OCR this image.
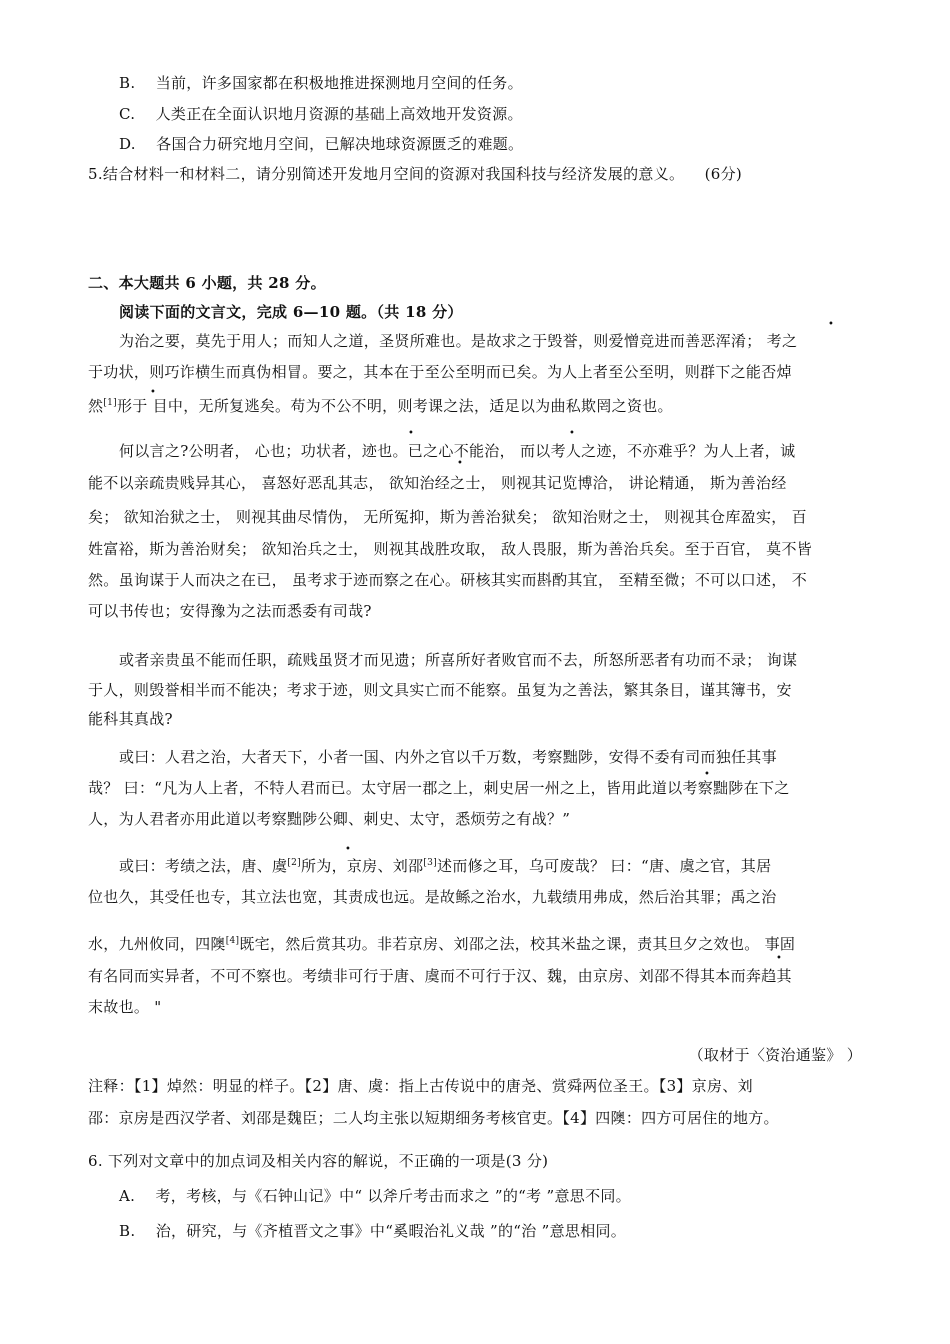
B. 当前，许多国家都在积极地推进探测地月空间的任务。
C. 人类正在全面认识地月资源的基础上高效地开发资源。
D. 各国合力研究地月空间，已解决地球资源匮乏的难题。
5.结合材料一和材料二，请分别简述开发地月空间的资源对我国科技与经济发展的意义。 (6分)
二、本大题共 6 小题，共 28 分。
阅读下面的文言文，完成 6—10 题。（共 18 分）
为治之要，莫先于用人；而知人之道，圣贤所难也。是故求之于毁誉，则爱憎竞进而善恶浑淆； 考之
•
于功状，则巧诈横生而真伪相冒。要之，其本在于至公至明而已矣。为人上者至公至明，则群下之能否焯
•
然[1]形于 目中，无所复逃矣。苟为不公不明，则考课之法，适足以为曲私欺罔之资也。
何以言之?公明者， 心也；功状者，迹也。已之心不能治， 而以考人之迹，不亦难乎？为人上者，诚
•	•
•
能不以亲疏贵贱异其心， 喜怒好恶乱其志， 欲知治经之士， 则视其记览博洽， 讲论精通， 斯为善治经
矣； 欲知治狱之士， 则视其曲尽情伪， 无所冤抑，斯为善治狱矣； 欲知治财之士， 则视其仓库盈实， 百
姓富裕，斯为善治财矣； 欲知治兵之士， 则视其战胜攻取， 敌人畏服，斯为善治兵矣。至于百官， 莫不皆
然。虽询谋于人而决之在已， 虽考求于迹而察之在心。研核其实而斟酌其宜， 至精至微；不可以口述， 不
可以书传也；安得豫为之法而悉委有司哉?
或者亲贵虽不能而任职，疏贱虽贤才而见遗；所喜所好者败官而不去，所怒所恶者有功而不录； 询谋
于人，则毁誉相半而不能决；考求于迹，则文具实亡而不能察。虽复为之善法，繁其条目，谨其簿书，安
能科其真战?
或曰：人君之治，大者天下，小者一国、内外之官以千万数，考察黜陟，安得不委有司而独任其事
•
哉？ 曰：“凡为人上者，不特人君而已。太守居一郡之上，刺史居一州之上，皆用此道以考察黜陟在下之
人，为人君者亦用此道以考察黜陟公卿、刺史、太守，悉烦劳之有战？”
•
或曰：考绩之法，唐、虞[2]所为，京房、刘邵[3]述而修之耳，乌可废哉？ 曰：“唐、虞之官，其居
位也久，其受任也专，其立法也宽，其责成也远。是故鲧之治水，九载绩用弗成，然后治其罪；禹之治
水，九州攸同，四隩[4]既宅，然后赏其功。非若京房、刘邵之法，校其米盐之课，责其旦夕之效也。 事固
•
有名同而实异者，不可不察也。考绩非可行于唐、虞而不可行于汉、魏，由京房、刘邵不得其本而奔趋其
末故也。 "
（取材于〈资治通鉴》 ）
注释：【1】焯然：明显的样子。【2】唐、虞：指上古传说中的唐尧、赏舜两位圣王。【3】京房、刘
邵：京房是西汉学者、刘邵是魏臣；二人均主张以短期细务考核官吏。【4】四隩：四方可居住的地方。
6. 下列对文章中的加点词及相关内容的解说，不正确的一项是(3 分)
A. 考，考核，与《石钟山记》中“ 以斧斤考击而求之 ”的“考 ”意思不同。
B. 治，研究，与《齐植晋文之事》中“奚暇治礼义哉 ”的“治 ”意思相同。
